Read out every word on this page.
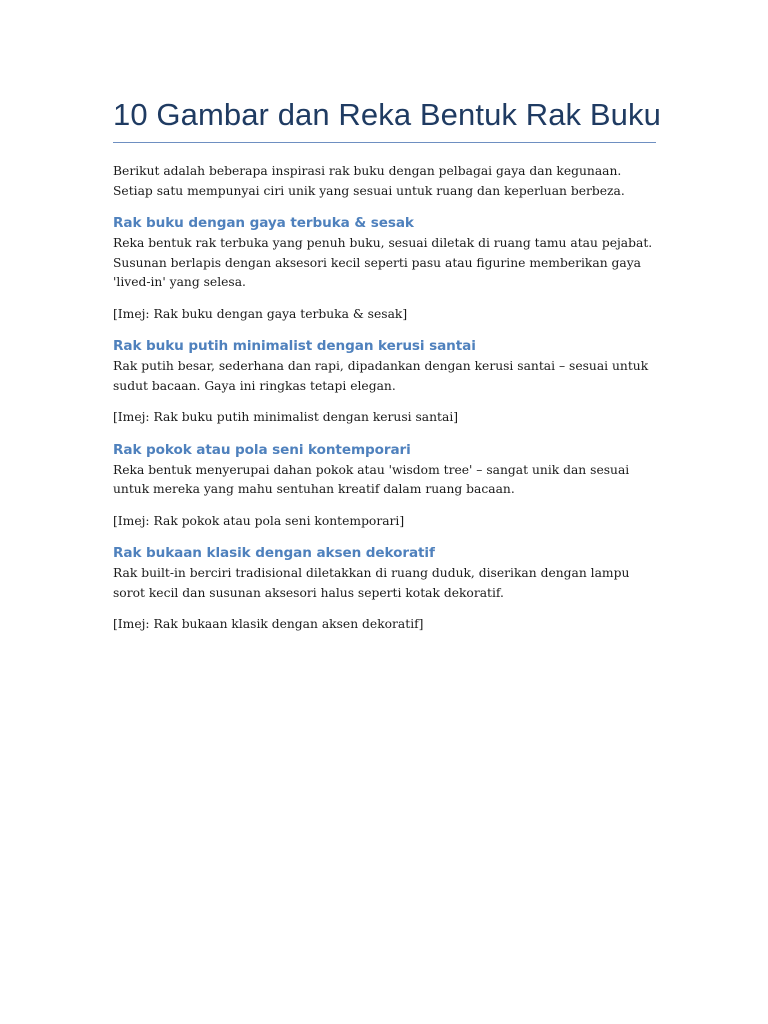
10 Gambar dan Reka Bentuk Rak Buku

Berikut adalah beberapa inspirasi rak buku dengan pelbagai gaya dan kegunaan. Setiap satu mempunyai ciri unik yang sesuai untuk ruang dan keperluan berbeza.

Rak buku dengan gaya terbuka & sesak

Reka bentuk rak terbuka yang penuh buku, sesuai diletak di ruang tamu atau pejabat. Susunan berlapis dengan aksesori kecil seperti pasu atau figurine memberikan gaya 'lived-in' yang selesa.

[Imej: Rak buku dengan gaya terbuka & sesak]

Rak buku putih minimalist dengan kerusi santai

Rak putih besar, sederhana dan rapi, dipadankan dengan kerusi santai – sesuai untuk sudut bacaan. Gaya ini ringkas tetapi elegan.

[Imej: Rak buku putih minimalist dengan kerusi santai]

Rak pokok atau pola seni kontemporari

Reka bentuk menyerupai dahan pokok atau 'wisdom tree' – sangat unik dan sesuai untuk mereka yang mahu sentuhan kreatif dalam ruang bacaan.

[Imej: Rak pokok atau pola seni kontemporari]

Rak bukaan klasik dengan aksen dekoratif

Rak built-in berciri tradisional diletakkan di ruang duduk, diserikan dengan lampu sorot kecil dan susunan aksesori halus seperti kotak dekoratif.

[Imej: Rak bukaan klasik dengan aksen dekoratif]
